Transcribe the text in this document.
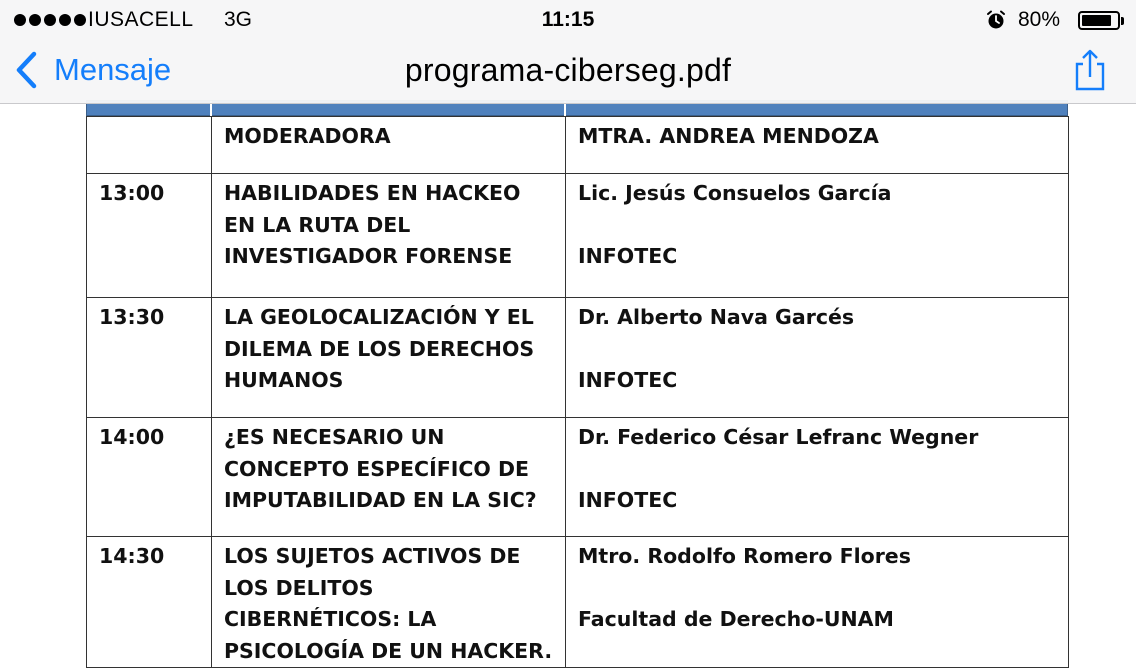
	MODERADORA	MTRA. ANDREA MENDOZA

13:00	HABILIDADES EN HACKEO EN LA RUTA DEL INVESTIGADOR FORENSE	Lic. Jesús Consuelos García
INFOTEC

13:30	LA GEOLOCALIZACIÓN Y EL DILEMA DE LOS DERECHOS HUMANOS	Dr. Alberto Nava Garcés
INFOTEC

14:00	¿ES NECESARIO UN CONCEPTO ESPECÍFICO DE IMPUTABILIDAD EN LA SIC?	Dr. Federico César Lefranc Wegner
INFOTEC

14:30	LOS SUJETOS ACTIVOS DE LOS DELITOS CIBERNÉTICOS: LA PSICOLOGÍA DE UN HACKER.	Mtro. Rodolfo Romero Flores
Facultad de Derecho-UNAM
IUSACELL 3G	11:15	80%
Mensaje	programa-ciberseg.pdf
